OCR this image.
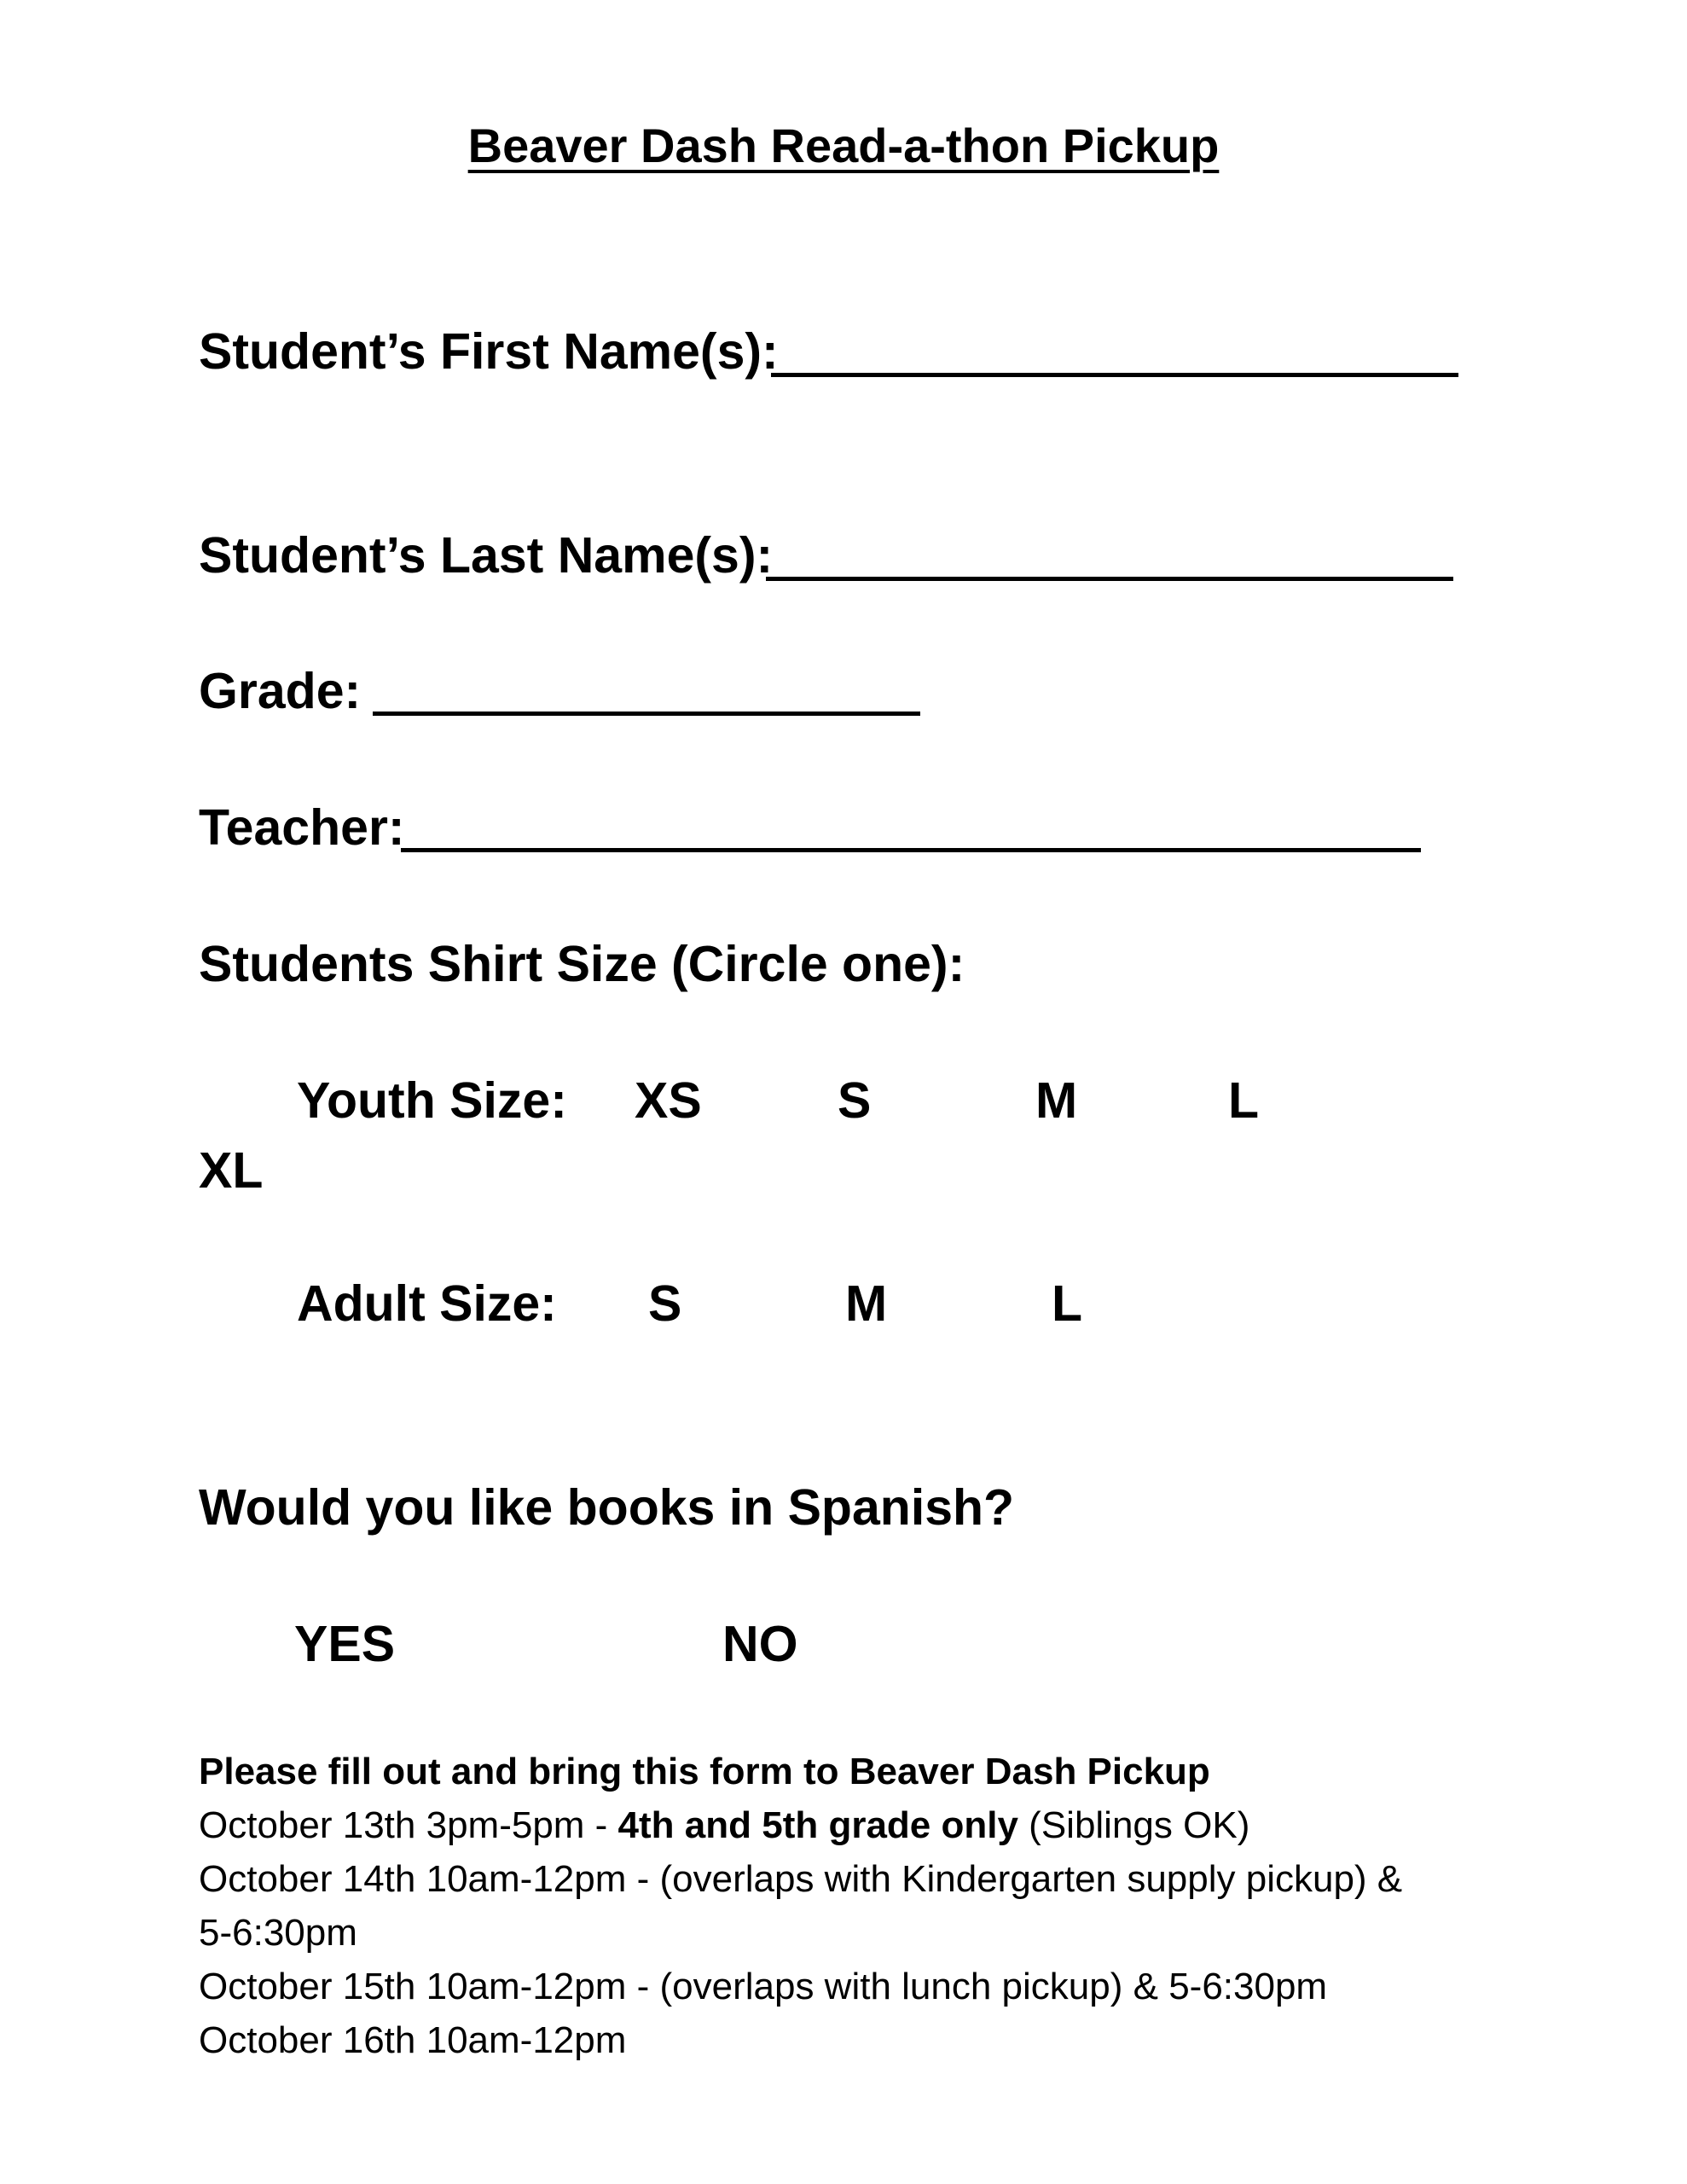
Beaver Dash Read-a-thon Pickup
Student’s First Name(s):
Student’s Last Name(s):
Grade:
Teacher:
Students Shirt Size (Circle one):
Youth Size: XS	S	M	L
XL
Adult Size: S	M	L
Would you like books in Spanish?
YES	NO
Please fill out and bring this form to Beaver Dash Pickup
October 13th 3pm-5pm - 4th and 5th grade only (Siblings OK)
October 14th 10am-12pm - (overlaps with Kindergarten supply pickup) &
5-6:30pm
October 15th 10am-12pm - (overlaps with lunch pickup) & 5-6:30pm
October 16th 10am-12pm
